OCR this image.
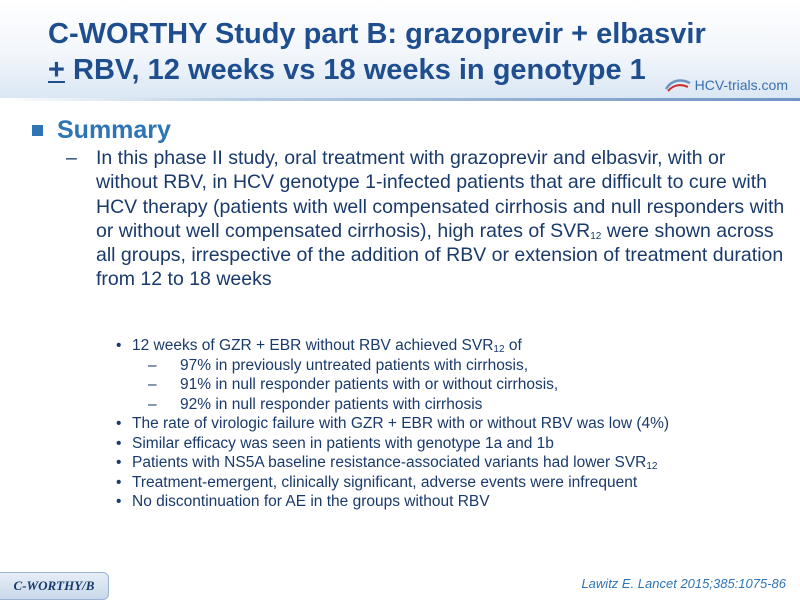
C-WORTHY Study part B: grazoprevir + elbasvir
+ RBV, 12 weeks vs 18 weeks in genotype 1	HCV-trials.com
Summary
– In this phase II study, oral treatment with grazoprevir and elbasvir, with or without RBV, in HCV genotype 1-infected patients that are difficult to cure with HCV therapy (patients with well compensated cirrhosis and null responders with or without well compensated cirrhosis), high rates of $SVR_{12}$ were shown across all groups, irrespective of the addition of RBV or extension of treatment duration from 12 to 18 weeks
• 12 weeks of GZR + EBR without RBV achieved $SVR_{12}$ of
– 97% in previously untreated patients with cirrhosis,
– 91% in null responder patients with or without cirrhosis,
– 92% in null responder patients with cirrhosis
• The rate of virologic failure with GZR + EBR with or without RBV was low (4%)
• Similar efficacy was seen in patients with genotype 1a and 1b
• Patients with NS5A baseline resistance-associated variants had lower $SVR_{12}$
• Treatment-emergent, clinically significant, adverse events were infrequent
• No discontinuation for AE in the groups without RBV
C-WORTHY/B	Lawitz E. Lancet 2015;385:1075-86
